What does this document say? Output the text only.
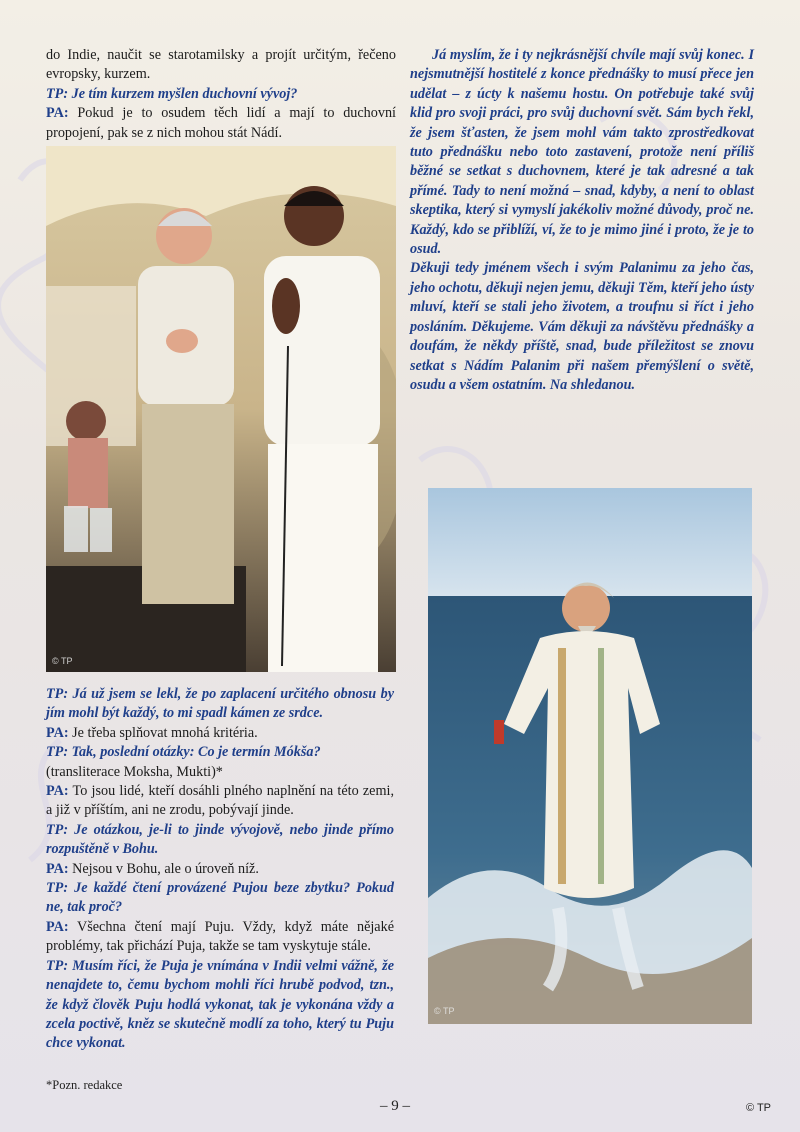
do Indie, naučit se starotamilsky a projít určitým, řečeno evropsky, kurzem.

TP: Je tím kurzem myšlen duchovní vývoj?

PA: Pokud je to osudem těch lidí a mají to duchovní propojení, pak se z nich mohou stát Nádí.

© TP

Já myslím, že i ty nejkrásnější chvíle mají svůj konec. I nejsmutnější hostitelé z konce přednášky to musí přece jen udělat – z úcty k našemu hostu. On potřebuje také svůj klid pro svoji práci, pro svůj duchovní svět. Sám bych řekl, že jsem šťasten, že jsem mohl vám takto zprostředkovat tuto přednášku nebo toto zastavení, protože není příliš běžné se setkat s duchovnem, které je tak adresné a tak přímé. Tady to není možná – snad, kdyby, a není to oblast skeptika, který si vymyslí jakékoliv možné důvody, proč ne. Každý, kdo se přiblíží, ví, že to je mimo jiné i proto, že je to osud.

Děkuji tedy jménem všech i svým Palanimu za jeho čas, jeho ochotu, děkuji nejen jemu, děkuji Těm, kteří jeho ústy mluví, kteří se stali jeho životem, a troufnu si říct i jeho posláním. Děkujeme. Vám děkuji za návštěvu přednášky a doufám, že někdy příště, snad, bude příležitost se znovu setkat s Nádím Palanim při našem přemýšlení o světě, osudu a všem ostatním. Na shledanou.

© TP

TP: Já už jsem se lekl, že po zaplacení určitého obnosu by jím mohl být každý, to mi spadl kámen ze srdce.

PA: Je třeba splňovat mnohá kritéria.

TP: Tak, poslední otázky: Co je termín Mókša?

(transliterace Moksha, Mukti)*

PA: To jsou lidé, kteří dosáhli plného naplnění na této zemi, a již v příštím, ani ne zrodu, pobývají jinde.

TP: Je otázkou, je-li to jinde vývojově, nebo jinde přímo rozpuštěně v Bohu.

PA: Nejsou v Bohu, ale o úroveň níž.

TP: Je každé čtení provázené Pujou beze zbytku? Pokud ne, tak proč?

PA: Všechna čtení mají Puju. Vždy, když máte nějaké problémy, tak přichází Puja, takže se tam vyskytuje stále.

TP: Musím říci, že Puja je vnímána v Indii velmi vážně, že nenajdete to, čemu bychom mohli říci hrubě podvod, tzn., že když člověk Puju hodlá vykonat, tak je vykonána vždy a zcela poctivě, kněz se skutečně modlí za toho, který tu Puju chce vykonat.

*Pozn. redakce
– 9 –	© TP
